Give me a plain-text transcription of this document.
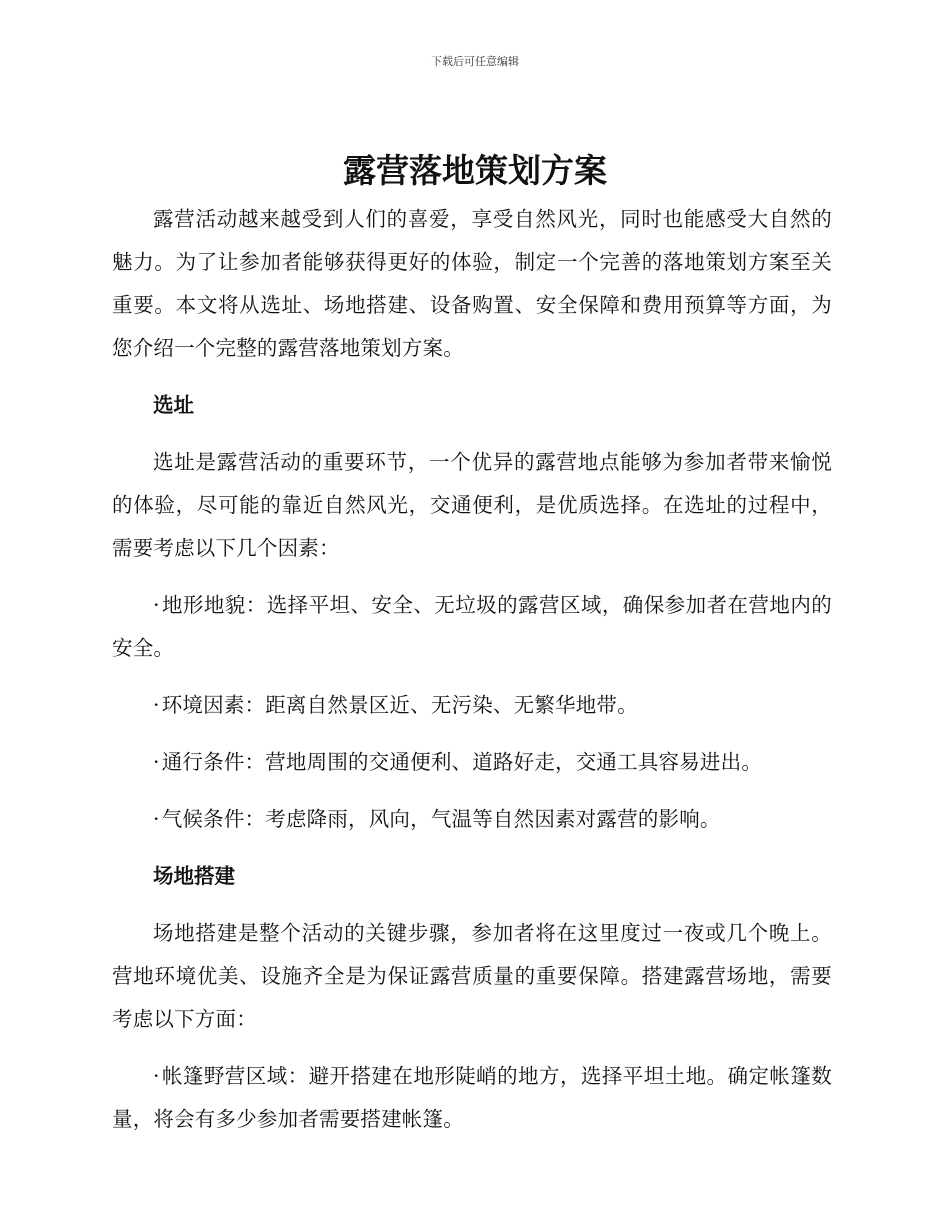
下载后可任意编辑
露营落地策划方案

露营活动越来越受到人们的喜爱，享受自然风光，同时也能感受大自然的魅力。为了让参加者能够获得更好的体验，制定一个完善的落地策划方案至关重要。本文将从选址、场地搭建、设备购置、安全保障和费用预算等方面，为您介绍一个完整的露营落地策划方案。

选址

选址是露营活动的重要环节，一个优异的露营地点能够为参加者带来愉悦的体验，尽可能的靠近自然风光，交通便利，是优质选择。在选址的过程中，需要考虑以下几个因素：

·地形地貌：选择平坦、安全、无垃圾的露营区域，确保参加者在营地内的安全。

·环境因素：距离自然景区近、无污染、无繁华地带。

·通行条件：营地周围的交通便利、道路好走，交通工具容易进出。

·气候条件：考虑降雨，风向，气温等自然因素对露营的影响。

场地搭建

场地搭建是整个活动的关键步骤，参加者将在这里度过一夜或几个晚上。营地环境优美、设施齐全是为保证露营质量的重要保障。搭建露营场地，需要考虑以下方面：

·帐篷野营区域：避开搭建在地形陡峭的地方，选择平坦土地。确定帐篷数量，将会有多少参加者需要搭建帐篷。
